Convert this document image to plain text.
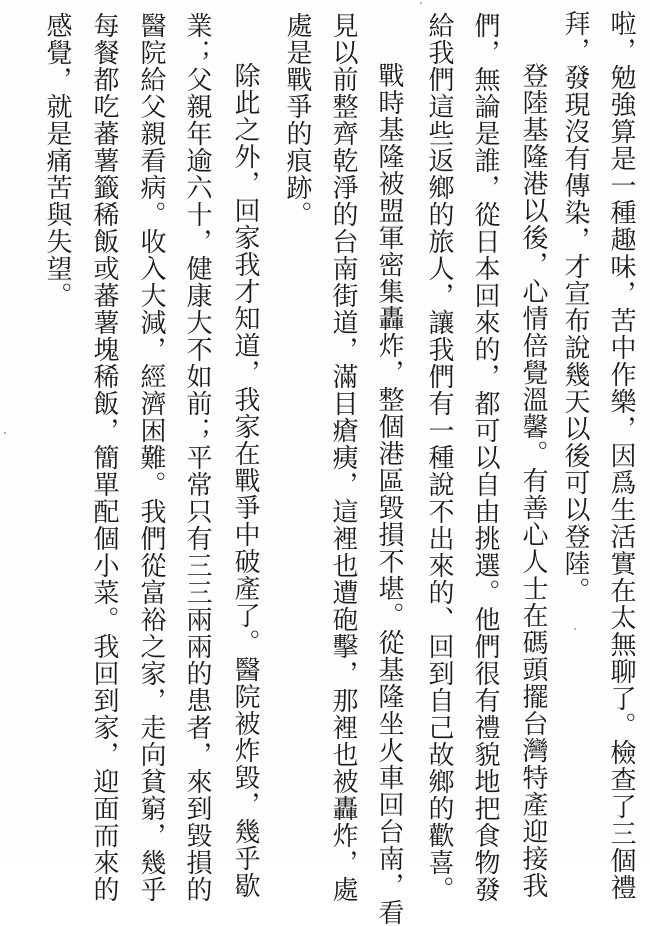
啦，勉強算是一種趣味，苦中作樂，因爲生活實在太無聊了。檢查了三個禮
拜，發現沒有傳染，才宣布說幾天以後可以登陸。
登陸基隆港以後，心情倍覺溫馨。有善心人士在碼頭擺台灣特產迎接我
們，無論是誰，從日本回來的，都可以自由挑選。他們很有禮貌地把食物發
給我們這些返鄉的旅人，讓我們有一種說不出來的、回到自己故鄉的歡喜。
戰時基隆被盟軍密集轟炸，整個港區毀損不堪。從基隆坐火車回台南，看
見以前整齊乾淨的台南街道，滿目瘡痍，這裡也遭砲擊，那裡也被轟炸，處
處是戰爭的痕跡。
除此之外，回家我才知道，我家在戰爭中破產了。醫院被炸毀，幾乎歇
業；父親年逾六十，健康大不如前；平常只有三三兩兩的患者，來到毀損的
醫院給父親看病。收入大減，經濟困難。我們從富裕之家，走向貧窮，幾乎
每餐都吃蕃薯籤稀飯或蕃薯塊稀飯，簡單配個小菜。我回到家，迎面而來的
感覺，就是痛苦與失望。
